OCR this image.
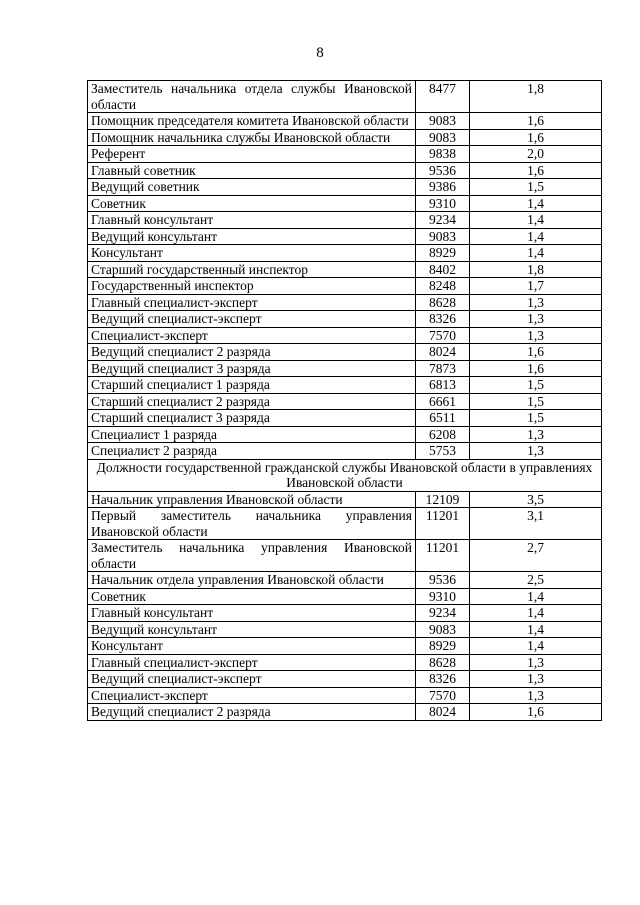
8
Заместитель начальника отдела службы Ивановской области	8477	1,8
Помощник председателя комитета Ивановской области	9083	1,6
Помощник начальника службы Ивановской области	9083	1,6
Референт	9838	2,0
Главный советник	9536	1,6
Ведущий советник	9386	1,5
Советник	9310	1,4
Главный консультант	9234	1,4
Ведущий консультант	9083	1,4
Консультант	8929	1,4
Старший государственный инспектор	8402	1,8
Государственный инспектор	8248	1,7
Главный специалист-эксперт	8628	1,3
Ведущий специалист-эксперт	8326	1,3
Специалист-эксперт	7570	1,3
Ведущий специалист 2 разряда	8024	1,6
Ведущий специалист 3 разряда	7873	1,6
Старший специалист 1 разряда	6813	1,5
Старший специалист 2 разряда	6661	1,5
Старший специалист 3 разряда	6511	1,5
Специалист 1 разряда	6208	1,3
Специалист 2 разряда	5753	1,3
Должности государственной гражданской службы Ивановской области в управлениях Ивановской области		
Начальник управления Ивановской области	12109	3,5
Первый заместитель начальника управления Ивановской области	11201	3,1
Заместитель начальника управления Ивановской области	11201	2,7
Начальник отдела управления Ивановской области	9536	2,5
Советник	9310	1,4
Главный консультант	9234	1,4
Ведущий консультант	9083	1,4
Консультант	8929	1,4
Главный специалист-эксперт	8628	1,3
Ведущий специалист-эксперт	8326	1,3
Специалист-эксперт	7570	1,3
Ведущий специалист 2 разряда	8024	1,6
